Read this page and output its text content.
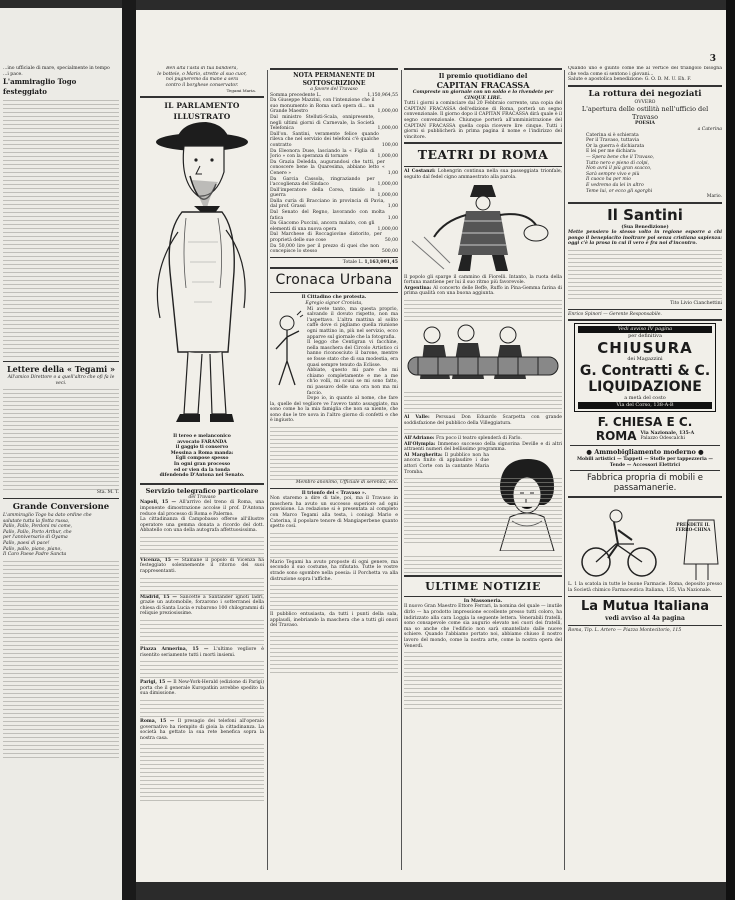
...ino ufficiale di mare, specialmente in tempo

...i pace.

L'ammiraglio Togo festeggiato

Lettere della « Tegami »

All'amico Direttore o a quell'altro che ofi fa le veci.

Sta. M. T.

Grande Conversione

L'ammiraglio Togo ha dato ordine che

salutate tutta la flotta russa,

Pallo, Pallo, Perdoni mi come,

Pallo, Pallo, Porto Arthur, che

per l'anniversario di Oyama

Pallo, paesi di pace!

Pallo, pallo, piano, piano,

Il Caro Paese Padre Sancta

3

Ben alta l'asta di tua bandiera,

le botteie, o Mario, strette al suo cuor,

noi pugneremo da mane a sera

contro il borghese conservator.

Tegami Maria.

IL PARLAMENTO ILLUSTRATO

Il tereo e melanconico

avvocato FARANDA

il gaggio ti conservo

Messina a Roma manda:

Egli compose spesso

In ogni gran processo

ed or vien da la tonda

difendendo D'Antona nel Senato.

Servizio telegrafico particolare

del Travaso

Napoli, 15 — All'arrivo del treno di Roma, una imponente dimostrazione accolse il prof. D'Antona reduce dal processo di Roma e Palermo.

La cittadinanza di Campobasso offerse all'illustre operatore una gemma donata a ricordo del dott. Abbatello con una della autografa affettuosissima.

Vicenza, 15 — Stamane il popolo di Vicenza ha festeggiato solennemente il ritorno dei suoi rappresentanti.

Madrid, 15 — Sancette a Santander ignoti ladri, grazie un automobile, forzarono i sotterranei della chiesa di Santa Lucia e rubarono 100 chilogrammi di reliquie preziosissime.

Piazza Armerina, 15 — L'ultimo vegliore è risentito seriamente tutti i morti insiemi.

Parigi, 15 — Il New-York-Herald (edizione di Parigi) porta che il generale Kuropatkin avrebbe spedito la sua dimissione.

Roma, 15 — Il presagio dei telefoni all'operaio governativo ha riempito di gioia la cittadinanza. La società ha gettato la sua rete benefica sopra la nostra casa.

NOTA PERMANENTE DI SOTTOSCRIZIONE

a favore del Travaso

Somma precedente L.	1,150,964,55

Da Giuseppe Mazzini, con l'intenzione che il suo monumento in Roma sarà opera di... un Grande Maestro	1,000,00

Dal ministro Stelluti-Scala, onnipresente, negli ultimi giorni di Carnevale, la Società Telefonica	1,000,00

Dall'on. Santini, veramente felice quando rileva che nel servizio dei telefoni c'è qualche contratto	100,00

Da Eleonora Duse, lasciando la « Figlia di Jorio » con la speranza di tornare	1,000,00

Da Grazia Deledda, augurandosi che tutti, per conoscere bene la Quaresima, abbiano letto « Cenere »	1,00

Da Garcia Cassola, ringraziando per l'accoglienza del Sindaco	1,000,00

Dall'imperatore della Corea, timido in guerra	1,000,00

Dalla curia di Bracciano in provincia di Pavia, dal prof. Grassi	1,00

Dal Senato del Regno, lavorando con molta fatica	1,00

Da Giacomo Puccini, ancora malato, con gli elementi di una nuova opera	1,000,00

Dal Marchese di Roccagiovine distorito, per proprietà delle sue cose	50,00

Da 50,000 lire per il prezzo di quei che non concepisce lo stesso	500,00

Totale L. 1,163,091,45

Cronaca Urbana

Il Cittadino che protesta.

Egregio signor Cronista,

Mi avete tanto, ma questa proprio, salvando il dovuto rispetto, non ma l'aspettavo. L'altra mattina al solito caffè dove ci pigliamo quella riunione ogni mattino in, più nel servizio, ecco apparve sul giornale che la fotografia.

Il leggo che Centigran vi facchine, nella maschera del Circolo Artistico ci hanno riconosciuto il barone, mentre se fosse stato che di sua modestia, era quasi sempre tenuto da Eclisse.

Abbiate, questo mi pare che mi chiamo completamente e me a me ch'io volli, mi scusi se mi sono fatto, mi passavo delle una ora non ma mi faccio.

Dopo io, in quanto al nome, che fare la, quelle del vegliore ve l'avevo tanto assaggiato, ma sono come ho la mia famiglia che non sa niente, che sono due le tre uova in l'altro giorno di confetti e che è ingiusto.

Membro anonimo, Ufficiale di serenità, ecc.

Il trionfo del « Travaso ».

Non staremo a dire di tale, poi, ma il Travaso in maschera ha avuto un successo superiore ad ogni previsione. La redazione si è presentata al completo con Marco Tegami alla testa, i coniugi Mario e Caterina, il popolare tenore di Mangiaperbene quanto spetto così.

Mario Tegami ha avuto proposte di ogni genere, ma secondo il suo costume, ha rifiutato. Tutte le vostre strade sono sgombre nella poesia: il Porchetta va alla distruzione sopra l'affiche.

Il pubblico entusiasta, da tutti i punti della sala, applaudì, inebriando la maschera che a tutti gli onori del Travaso.

Il premio quotidiano del

CAPITAN FRACASSA

Compreste un giornale con un soldo e lo rivendete per CINQUE LIRE.

Tutti i giorni a cominciare dal 20 Febbraio corrente, una copia del CAPITAN FRACASSA dell'edizione di Roma, porterà un segno convenzionale. Il giorno dopo il CAPITAN FRACASSA dirà quale è il segno convenzionale. Chiunque porterà all'amministrazione del CAPITAN FRACASSA quella copia ricevere lire cinque. Tutti i giorni si pubblicherà in prima pagina il nome e l'indirizzo del vincitore.

TEATRI DI ROMA

Al Costanzi: Lohengrin continua nella sua passeggiata trionfale, seguito dal fedel cigno ammaestrato alla parola.

Il popolo gli sparge il cammino di Fiorelli. Intanto, la ruota della fortuna mantiene per lui il suo ritmo più favorevole.

Argentina: Al concerto delle Beffe, Ruffo in Pina-Gemma farina di prima qualità con una buona aggiunta.

Al Valle: Persuasi Don Eduardo Scarpetta con grande soddisfazione del pubblico della Villeggiatura.

All'Adriano: Fra poco il teatro splenderà di Farlo.

All'Olympia: Immenso successo della signorina Deville e di altri attraenti numeri del bellissimo programma.

Al Margherita: Il pubblico non ha ancora finito di applaudire i due attori Corte con la cantante Maria Tromba.

ULTIME NOTIZIE

In Massoneria.

Il nuovo Gran Maestro Ettore Ferrari, la nomina del quale — inutile dirlo — ha prodotto impressione eccellente presso tutti coloro, ha indirizzato alla cara Loggia la seguente lettera. Venerabili fratelli, sono consapevole come sia augurio elevato nei cuori dei fratelli, ma so anche che l'edificio non sarà smantellato dalle nuove schiere. Quando l'abbiamo portato noi, abbiamo chiuso il nostro lavoro del mondo, come la nostra arte, come la nostra opera del Venerdì.

Quando uno è giunto come me al vertice del triangolo bisogna che veda come si sentono i giovani...

Salute e apostolica benedizione: G. O. D. M. U. Eh. F.

La rottura dei negoziati

OVVERO

L'apertura delle ostilità nell'ufficio del Travaso

POESIA

a Caterina

Caterina si è schierata

Per il Travaso, tuttavia

Or la guerra è dichiarata

E lei per me dichiara:

— Spera bene che il Travaso,

Tutto nero e pieno di colpi,

Non avrà il più gran scacco,

Sarà sempre vivo e più

Il cuoco ha per mio

E vedremo da lei in altro

Teme lui, or ecco gli sgorghi

Mario.

Il Santini

(Sua Benedizione)

Mette pensiero lo stesso volto in regione esporre a chi pongo il beneplacito inoltrare poi senza cristiana sapienza: oggi c'è la prosa in cui il vero è fra noi d'incontro.

Tito Livio Cianchettini

Enrico Spinori — Gerente Responsabile.

Vedi avviso IV pagina
per definitiva
CHIUSURA
dei Magazzini
G. Contratti & C.
LIQUIDAZIONE
a metà del costo
Via del Corso, 138-A-B
F. CHIESA E C.
ROMA Via Nazionale, 135-A
Palazzo Odescalchi
● Ammobigliamento moderno ●

Mobili artistici — Tappeti — Stoffe per tappezzeria — Tende — Accessori Elettrici

Fabbrica propria di mobili e passamanerie.
PRENDETE IL FERRO-CHINA

L. 1 la scatola in tutte le buone Farmacie. Roma, deposito presso la Società chimico Farmaceutica Italiana, 135, Via Nazionale.

La Mutua Italiana
vedi avviso al 4a pagina

Roma, Tip. L. Artero — Piazza Montecitorio, 115
